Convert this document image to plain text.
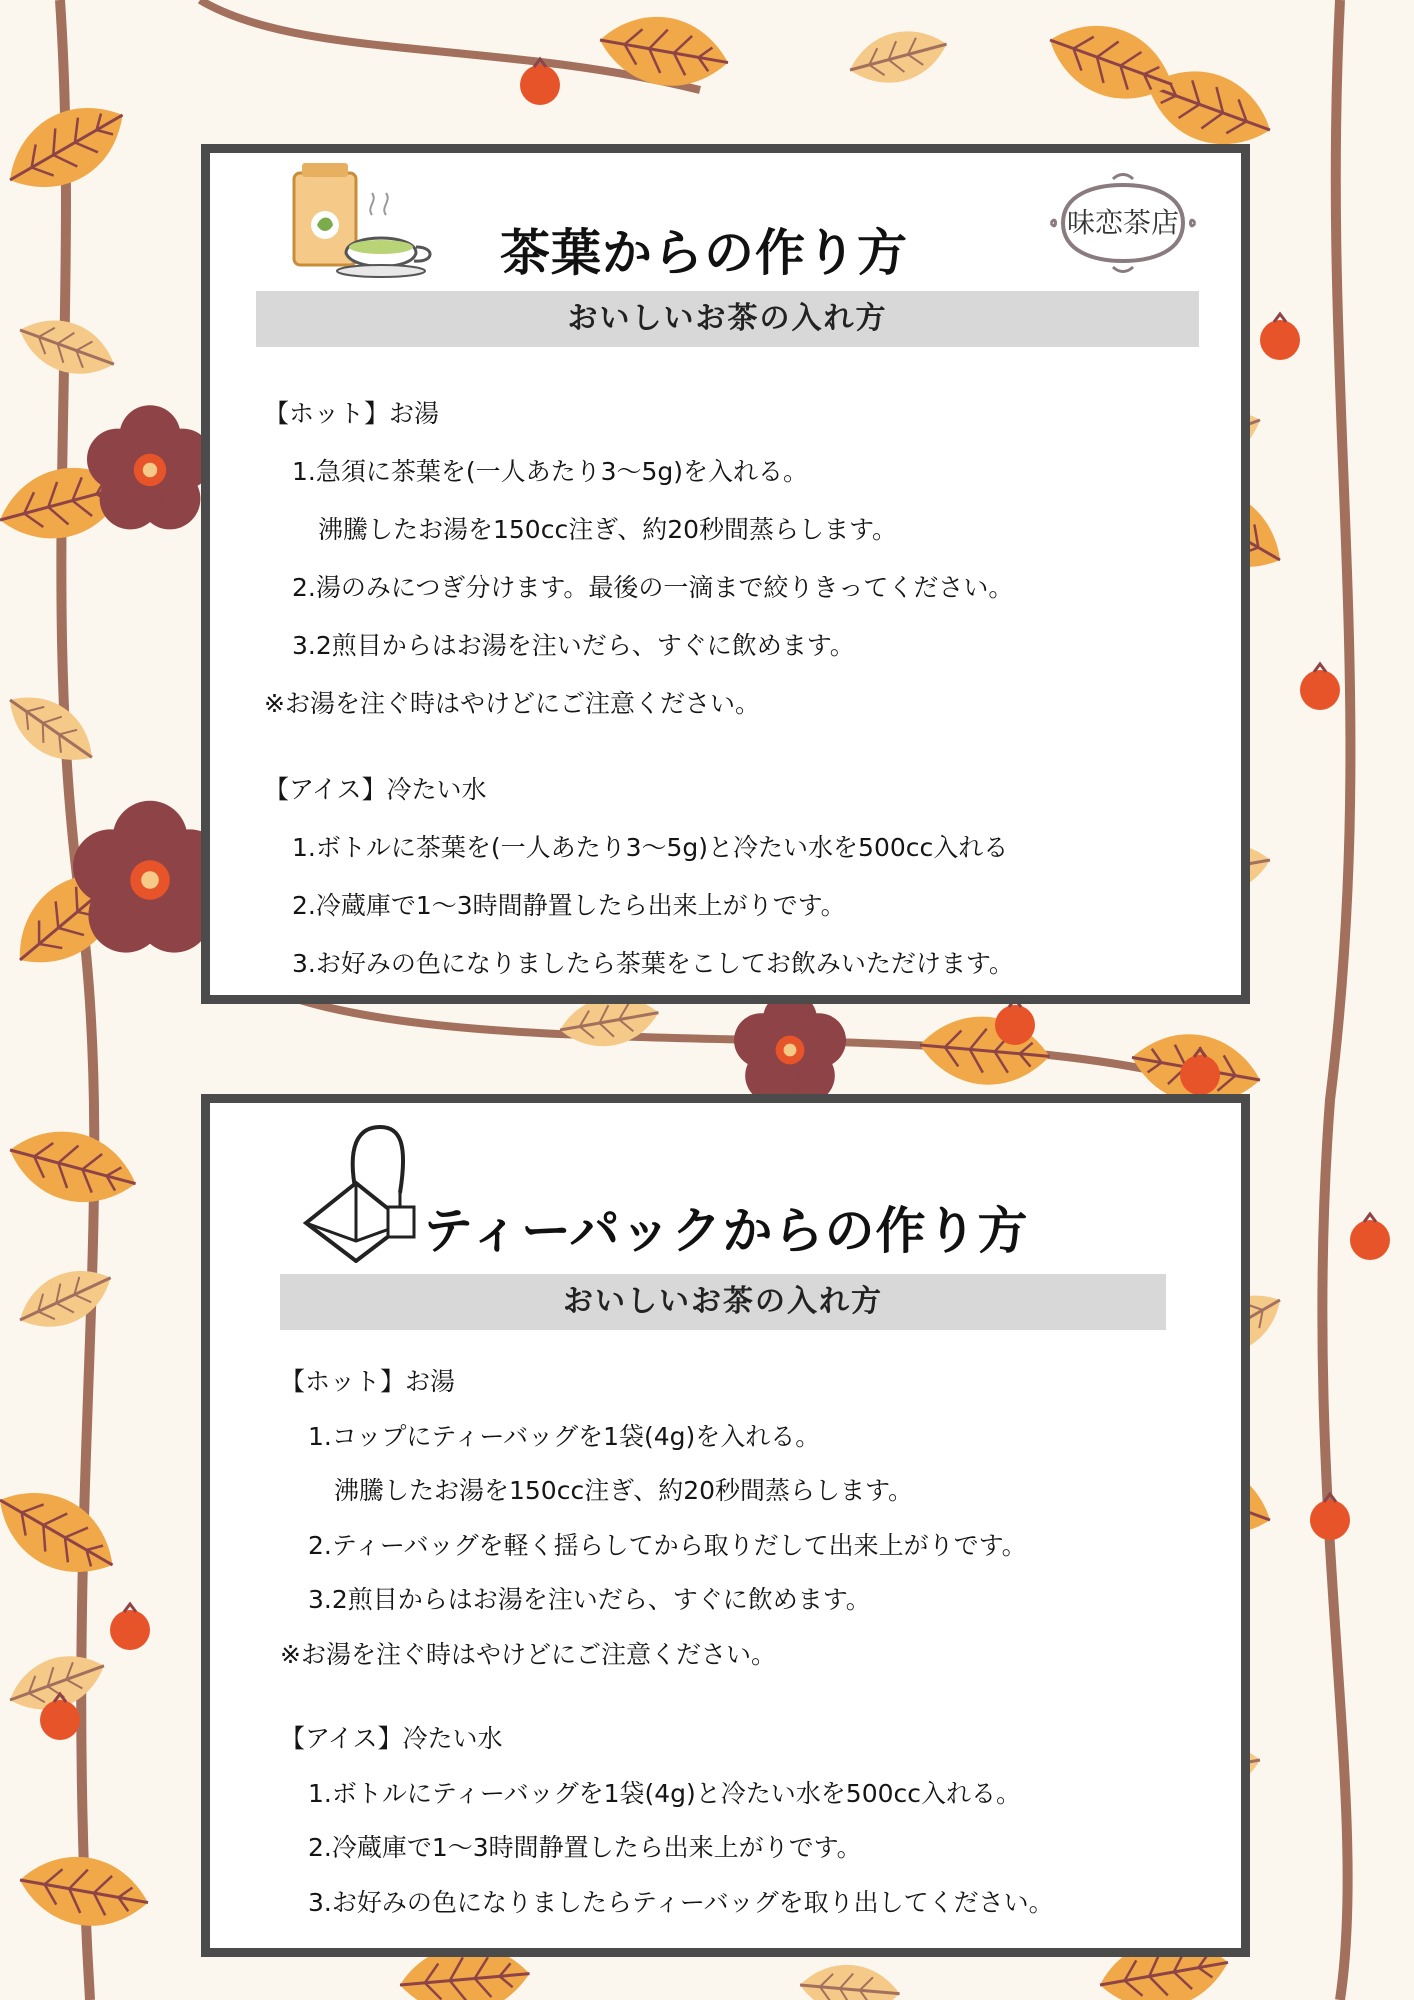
茶葉からの作り方
味恋茶店
おいしいお茶の入れ方
【ホット】お湯
1.急須に茶葉を(一人あたり3〜5g)を入れる。
沸騰したお湯を150cc注ぎ、約20秒間蒸らします。
2.湯のみにつぎ分けます。最後の一滴まで絞りきってください。
3.2煎目からはお湯を注いだら、すぐに飲めます。
※お湯を注ぐ時はやけどにご注意ください。
【アイス】冷たい水
1.ボトルに茶葉を(一人あたり3〜5g)と冷たい水を500cc入れる
2.冷蔵庫で1〜3時間静置したら出来上がりです。
3.お好みの色になりましたら茶葉をこしてお飲みいただけます。
ティーパックからの作り方
おいしいお茶の入れ方
【ホット】お湯
1.コップにティーバッグを1袋(4g)を入れる。
沸騰したお湯を150cc注ぎ、約20秒間蒸らします。
2.ティーバッグを軽く揺らしてから取りだして出来上がりです。
3.2煎目からはお湯を注いだら、すぐに飲めます。
※お湯を注ぐ時はやけどにご注意ください。
【アイス】冷たい水
1.ボトルにティーバッグを1袋(4g)と冷たい水を500cc入れる。
2.冷蔵庫で1〜3時間静置したら出来上がりです。
3.お好みの色になりましたらティーバッグを取り出してください。
